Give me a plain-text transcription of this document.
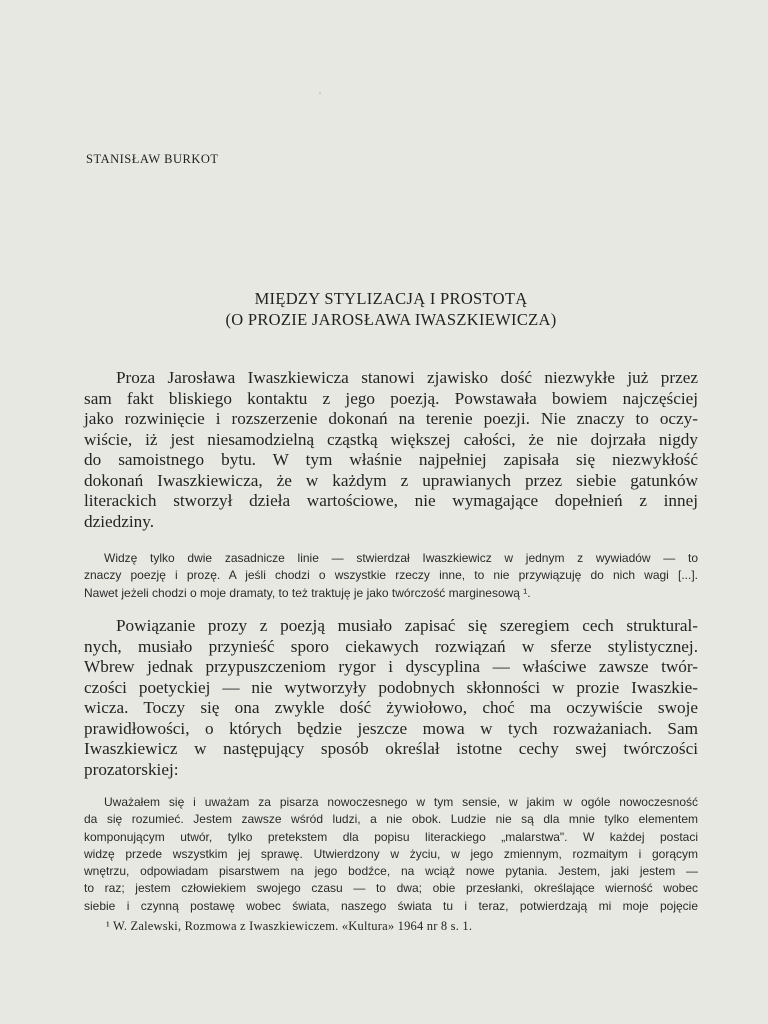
STANISŁAW BURKOT
MIĘDZY STYLIZACJĄ I PROSTOTĄ
(O PROZIE JAROSŁAWA IWASZKIEWICZA)
Proza Jarosława Iwaszkiewicza stanowi zjawisko dość niezwykłe już przez
sam fakt bliskiego kontaktu z jego poezją. Powstawała bowiem najczęściej
jako rozwinięcie i rozszerzenie dokonań na terenie poezji. Nie znaczy to oczy-
wiście, iż jest niesamodzielną cząstką większej całości, że nie dojrzała nigdy
do samoistnego bytu. W tym właśnie najpełniej zapisała się niezwykłość
dokonań Iwaszkiewicza, że w każdym z uprawianych przez siebie gatunków
literackich stworzył dzieła wartościowe, nie wymagające dopełnień z innej
dziedziny.
Widzę tylko dwie zasadnicze linie — stwierdzał Iwaszkiewicz w jednym z wywiadów — to
znaczy poezję i prozę. A jeśli chodzi o wszystkie rzeczy inne, to nie przywiązuję do nich wagi [...].
Nawet jeżeli chodzi o moje dramaty, to też traktuję je jako twórczość marginesową ¹.
Powiązanie prozy z poezją musiało zapisać się szeregiem cech struktural-
nych, musiało przynieść sporo ciekawych rozwiązań w sferze stylistycznej.
Wbrew jednak przypuszczeniom rygor i dyscyplina — właściwe zawsze twór-
czości poetyckiej — nie wytworzyły podobnych skłonności w prozie Iwaszkie-
wicza. Toczy się ona zwykle dość żywiołowo, choć ma oczywiście swoje
prawidłowości, o których będzie jeszcze mowa w tych rozważaniach. Sam
Iwaszkiewicz w następujący sposób określał istotne cechy swej twórczości
prozatorskiej:
Uważałem się i uważam za pisarza nowoczesnego w tym sensie, w jakim w ogóle nowoczesność
da się rozumieć. Jestem zawsze wśród ludzi, a nie obok. Ludzie nie są dla mnie tylko elementem
komponującym utwór, tylko pretekstem dla popisu literackiego „malarstwa". W każdej postaci
widzę przede wszystkim jej sprawę. Utwierdzony w życiu, w jego zmiennym, rozmaitym i gorącym
wnętrzu, odpowiadam pisarstwem na jego bodźce, na wciąż nowe pytania. Jestem, jaki jestem —
to raz; jestem człowiekiem swojego czasu — to dwa; obie przesłanki, określające wierność wobec
siebie i czynną postawę wobec świata, naszego świata tu i teraz, potwierdzają mi moje pojęcie
¹ W. Zalewski, Rozmowa z Iwaszkiewiczem. «Kultura» 1964 nr 8 s. 1.
